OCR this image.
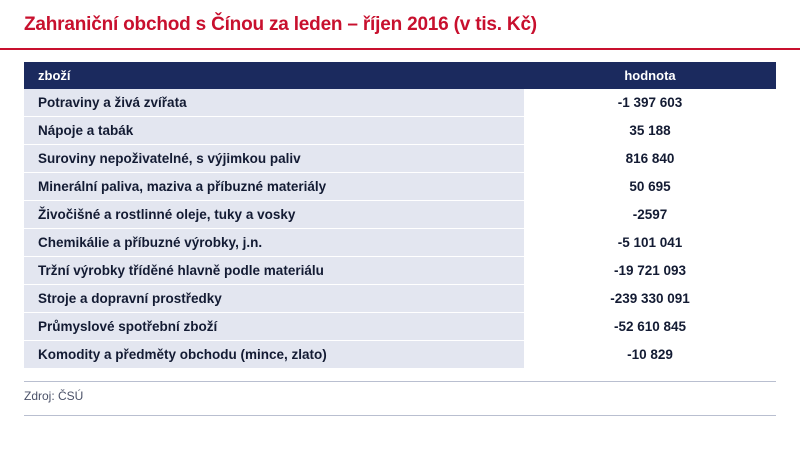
Zahraniční obchod s Čínou za leden – říjen 2016 (v tis. Kč)
zboží	hodnota
Potraviny a živá zvířata	-1 397 603
Nápoje a tabák	35 188
Suroviny nepoživatelné, s výjimkou paliv	816 840
Minerální paliva, maziva a příbuzné materiály	50 695
Živočišné a rostlinné oleje, tuky a vosky	-2597
Chemikálie a příbuzné výrobky, j.n.	-5 101 041
Tržní výrobky tříděné hlavně podle materiálu	-19 721 093
Stroje a dopravní prostředky	-239 330 091
Průmyslové spotřební zboží	-52 610 845
Komodity a předměty obchodu (mince, zlato)	-10 829
Zdroj: ČSÚ
